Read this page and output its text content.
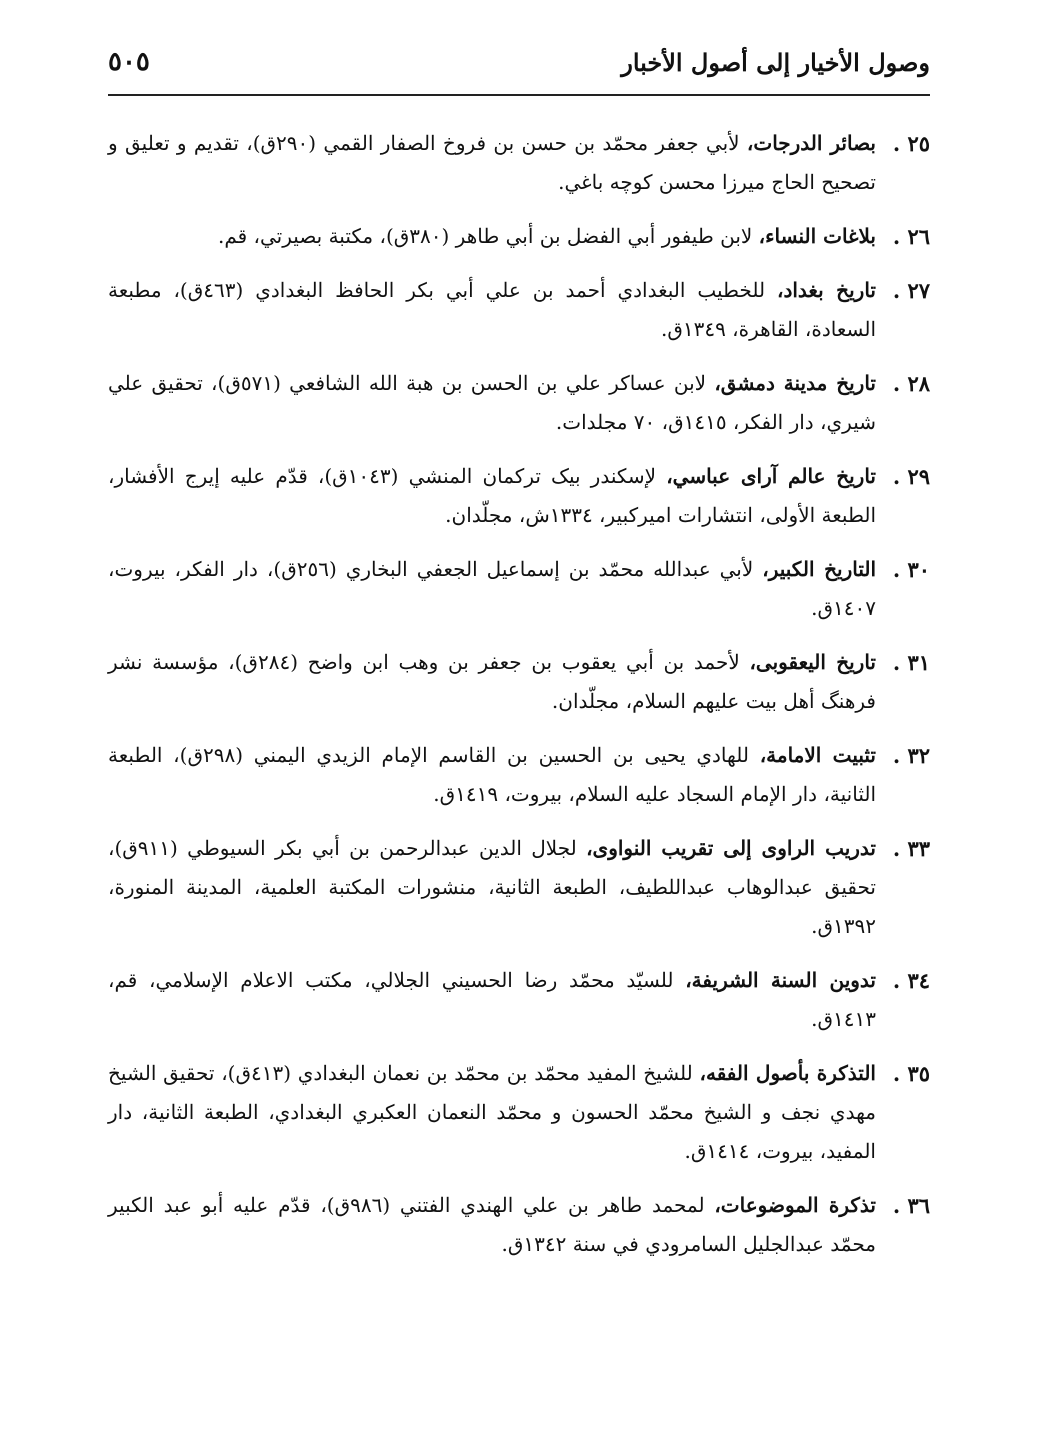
وصول الأخيار إلى أصول الأخبار
٥٠٥
٢٥ .
بصائر الدرجات، لأبي جعفر محمّد بن حسن بن فروخ الصفار القمي (٢٩٠ق)، تقديم و تعليق و تصحيح الحاج ميرزا محسن كوچه باغي.
٢٦ .
بلاغات النساء، لابن طيفور أبي الفضل بن أبي طاهر (٣٨٠ق)، مكتبة بصيرتي، قم.
٢٧ .
تاريخ بغداد، للخطيب البغدادي أحمد بن علي أبي بكر الحافظ البغدادي (٤٦٣ق)، مطبعة السعادة، القاهرة، ١٣٤٩ق.
٢٨ .
تاريخ مدينة دمشق، لابن عساكر علي بن الحسن بن هبة الله الشافعي (٥٧١ق)، تحقيق علي شيري، دار الفكر، ١٤١٥ق، ٧٠ مجلدات.
٢٩ .
تاريخ عالم آراى عباسي، لإسكندر بيک تركمان المنشي (١٠٤٣ق)، قدّم عليه إيرج الأفشار، الطبعة الأولى، انتشارات اميركبير، ١٣٣٤ش، مجلّدان.
٣٠ .
التاريخ الكبير، لأبي عبدالله محمّد بن إسماعيل الجعفي البخاري (٢٥٦ق)، دار الفكر، بيروت، ١٤٠٧ق.
٣١ .
تاريخ اليعقوبى، لأحمد بن أبي يعقوب بن جعفر بن وهب ابن واضح (٢٨٤ق)، مؤسسة نشر فرهنگ أهل بيت عليهم السلام، مجلّدان.
٣٢ .
تثبيت الامامة، للهادي يحيى بن الحسين بن القاسم الإمام الزيدي اليمني (٢٩٨ق)، الطبعة الثانية، دار الإمام السجاد عليه السلام، بيروت، ١٤١٩ق.
٣٣ .
تدريب الراوى إلى تقريب النواوى، لجلال الدين عبدالرحمن بن أبي بكر السيوطي (٩١١ق)، تحقيق عبدالوهاب عبداللطيف، الطبعة الثانية، منشورات المكتبة العلمية، المدينة المنورة، ١٣٩٢ق.
٣٤ .
تدوين السنة الشريفة، للسيّد محمّد رضا الحسيني الجلالي، مكتب الاعلام الإسلامي، قم، ١٤١٣ق.
٣٥ .
التذكرة بأصول الفقه، للشيخ المفيد محمّد بن محمّد بن نعمان البغدادي (٤١٣ق)، تحقيق الشيخ مهدي نجف و الشيخ محمّد الحسون و محمّد النعمان العكبري البغدادي، الطبعة الثانية، دار المفيد، بيروت، ١٤١٤ق.
٣٦ .
تذكرة الموضوعات، لمحمد طاهر بن علي الهندي الفتني (٩٨٦ق)، قدّم عليه أبو عبد الكبير محمّد عبدالجليل السامرودي في سنة ١٣٤٢ق.
